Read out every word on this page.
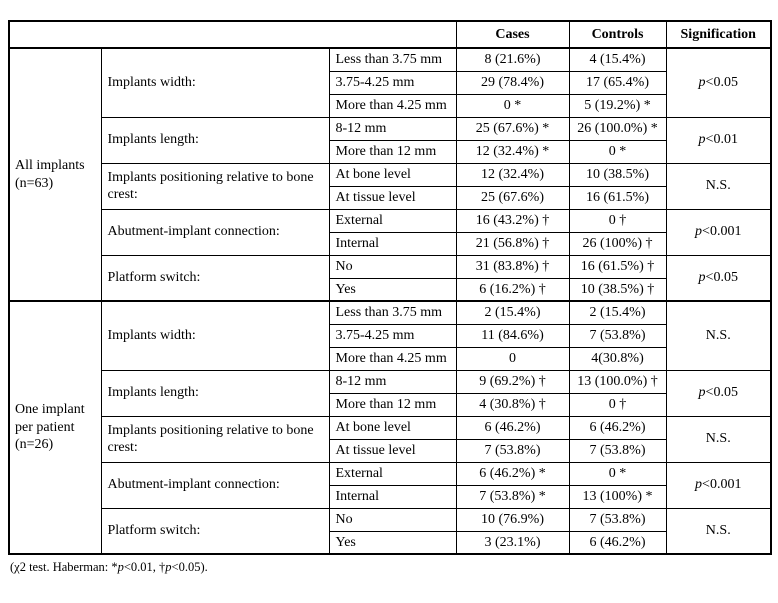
			Cases	Controls	Signification
All implants (n=63)	Implants width:	Less than 3.75 mm	8 (21.6%)	4 (15.4%)	p<0.05
		3.75-4.25 mm	29 (78.4%)	17 (65.4%)	
		More than 4.25 mm	0 *	5 (19.2%) *	
	Implants length:	8-12 mm	25 (67.6%) *	26 (100.0%) *	p<0.01
		More than 12 mm	12 (32.4%) *	0 *	
	Implants positioning relative to bone crest:	At bone level	12 (32.4%)	10 (38.5%)	N.S.
		At tissue level	25 (67.6%)	16 (61.5%)	
	Abutment-implant connection:	External	16 (43.2%) †	0 †	p<0.001
		Internal	21 (56.8%) †	26 (100%) †	
	Platform switch:	No	31 (83.8%) †	16 (61.5%) †	p<0.05
		Yes	6 (16.2%) †	10 (38.5%) †	
One implant per patient (n=26)	Implants width:	Less than 3.75 mm	2 (15.4%)	2 (15.4%)	N.S.
		3.75-4.25 mm	11 (84.6%)	7 (53.8%)	
		More than 4.25 mm	0	4(30.8%)	
	Implants length:	8-12 mm	9 (69.2%) †	13 (100.0%) †	p<0.05
		More than 12 mm	4 (30.8%) †	0 †	
	Implants positioning relative to bone crest:	At bone level	6 (46.2%)	6 (46.2%)	N.S.
		At tissue level	7 (53.8%)	7 (53.8%)	
	Abutment-implant connection:	External	6 (46.2%) *	0 *	p<0.001
		Internal	7 (53.8%) *	13 (100%) *	
	Platform switch:	No	10 (76.9%)	7 (53.8%)	N.S.
		Yes	3 (23.1%)	6 (46.2%)	
(χ2 test. Haberman: *p<0.01, †p<0.05).
